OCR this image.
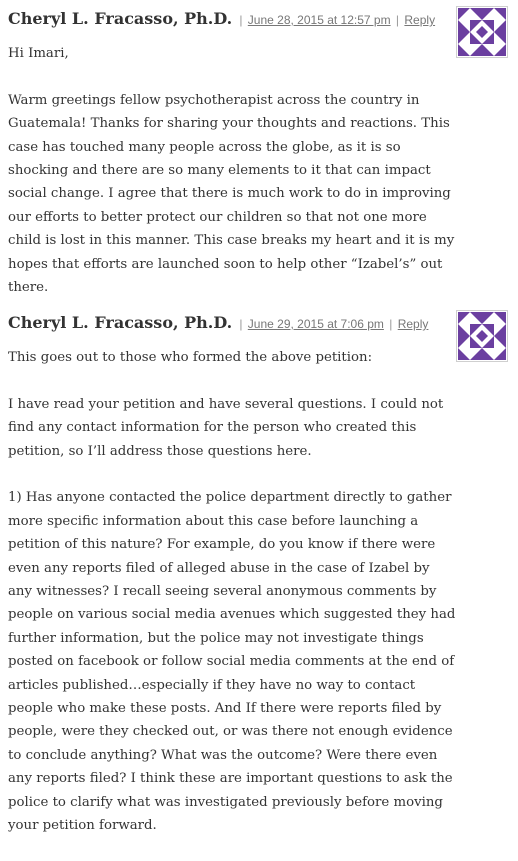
Cheryl L. Fracasso, Ph.D. | June 28, 2015 at 12:57 pm | Reply

Hi Imari,

Warm greetings fellow psychotherapist across the country in Guatemala! Thanks for sharing your thoughts and reactions. This case has touched many people across the globe, as it is so shocking and there are so many elements to it that can impact social change. I agree that there is much work to do in improving our efforts to better protect our children so that not one more child is lost in this manner. This case breaks my heart and it is my hopes that efforts are launched soon to help other “Izabel’s” out there.

Cheryl L. Fracasso, Ph.D. | June 29, 2015 at 7:06 pm | Reply

This goes out to those who formed the above petition:

I have read your petition and have several questions. I could not find any contact information for the person who created this petition, so I’ll address those questions here.

1) Has anyone contacted the police department directly to gather more specific information about this case before launching a petition of this nature? For example, do you know if there were even any reports filed of alleged abuse in the case of Izabel by any witnesses? I recall seeing several anonymous comments by people on various social media avenues which suggested they had further information, but the police may not investigate things posted on facebook or follow social media comments at the end of articles published…especially if they have no way to contact people who make these posts. And If there were reports filed by people, were they checked out, or was there not enough evidence to conclude anything? What was the outcome? Were there even any reports filed? I think these are important questions to ask the police to clarify what was investigated previously before moving your petition forward.
